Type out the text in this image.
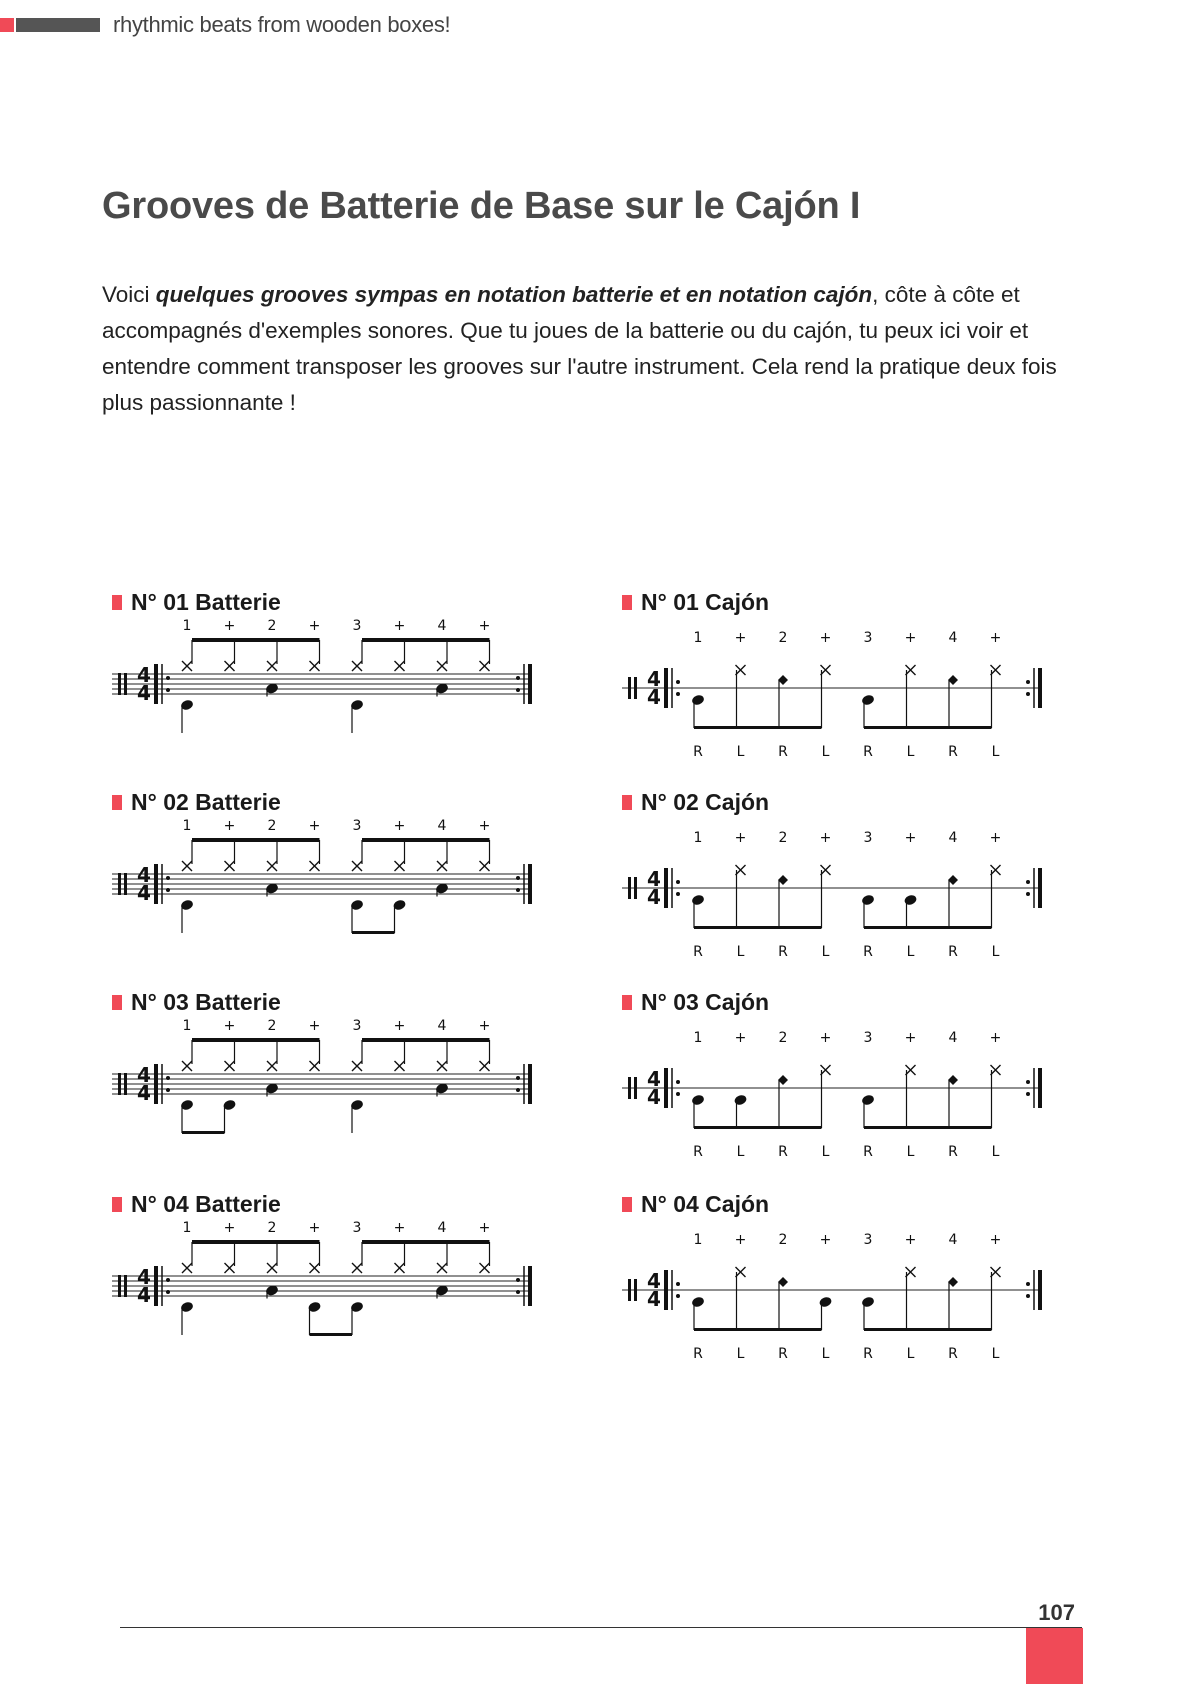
rhythmic beats from wooden boxes!
Grooves de Batterie de Base sur le Cajón I

Voici quelques grooves sympas en notation batterie et en notation cajón, côte à côte et accompagnés d'exemples sonores. Que tu joues de la batterie ou du cajón, tu peux ici voir et entendre comment transposer les grooves sur l'autre instrument. Cela rend la pratique deux fois plus passionnante !

N° 01 Batterie
4
4
1 + 2 + 3 + 4 +
N° 01 Cajón
4
4
1 + 2 + 3 + 4 +
R L R L R L R L
N° 02 Batterie
4
4
1 + 2 + 3 + 4 +
N° 02 Cajón
4
4
1 + 2 + 3 + 4 +
R L R L R L R L
N° 03 Batterie
4
4
1 + 2 + 3 + 4 +
N° 03 Cajón
4
4
1 + 2 + 3 + 4 +
R L R L R L R L
N° 04 Batterie
4
4
1 + 2 + 3 + 4 +
N° 04 Cajón
4
4
1 + 2 + 3 + 4 +
R L R L R L R L
107
